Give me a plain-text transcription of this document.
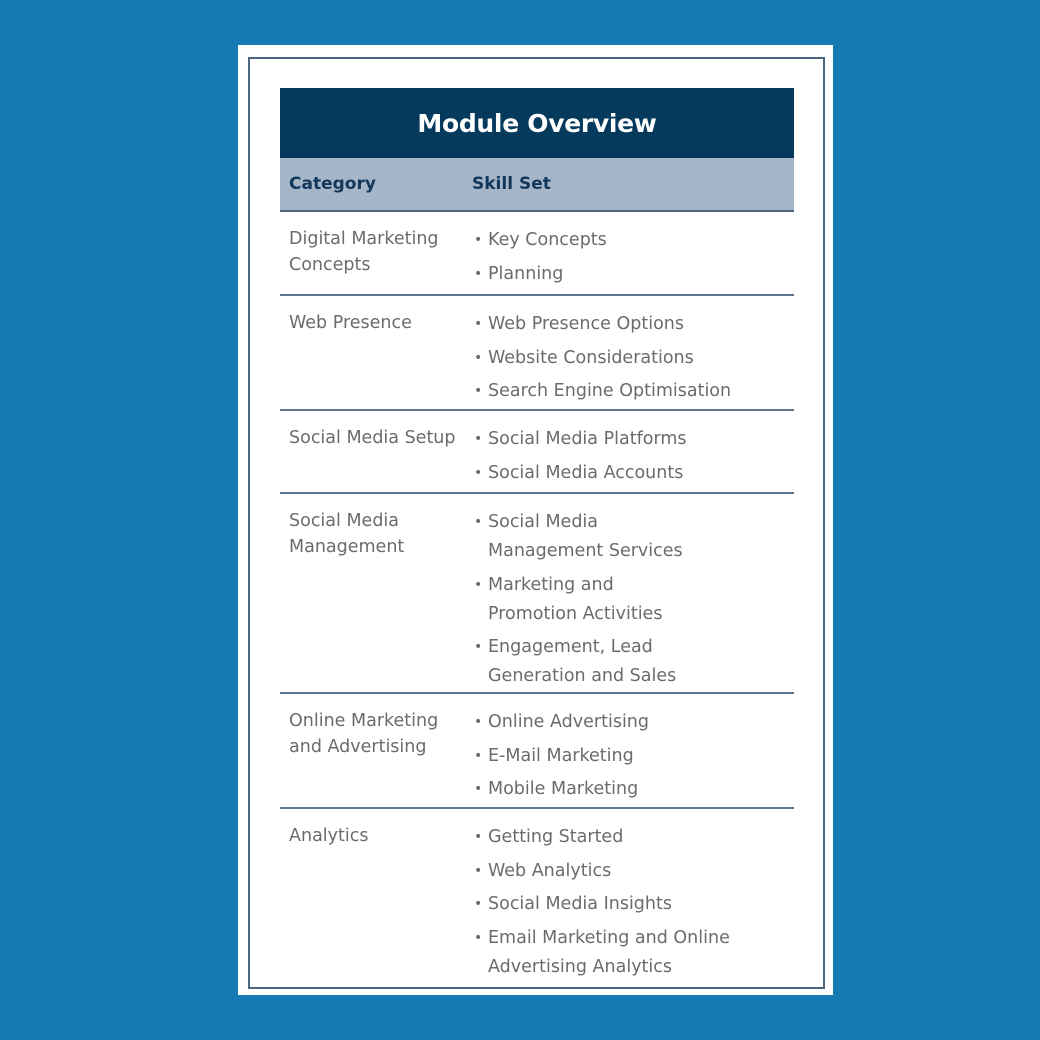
Module Overview
Category	Skill Set
Digital Marketing Concepts
• Key Concepts
• Planning
Web Presence	• Web Presence Options
• Website Considerations
• Search Engine Optimisation
Social Media Setup	• Social Media Platforms
• Social Media Accounts
Social Media Management
• Social Media Management Services
• Marketing and Promotion Activities
• Engagement, Lead Generation and Sales
Online Marketing and Advertising
• Online Advertising
• E-Mail Marketing
• Mobile Marketing
Analytics	• Getting Started
• Web Analytics
• Social Media Insights
• Email Marketing and Online Advertising Analytics
